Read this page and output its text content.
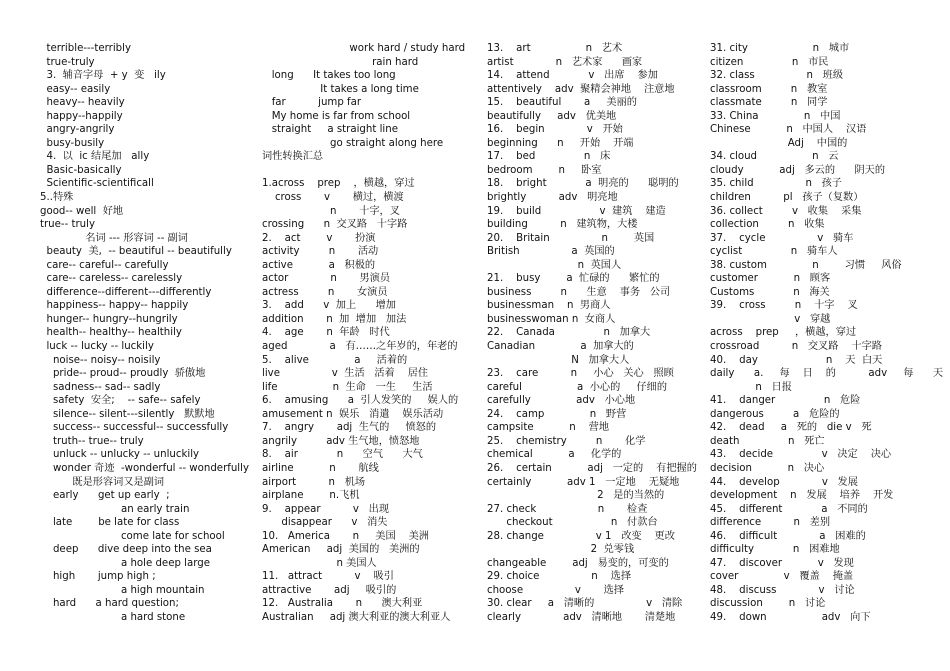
terrible---terribly
true-truly
3.  辅音字母  + y  变   ily
easy-- easily
heavy-- heavily
happy--happily
angry-angrily
busy-busily
4.  以  ic 结尾加   ally
Basic-basically
Scientific-scientificall
5..特殊
good-- well  好地
true-- truly
名词 --- 形容词 -- 副词
beauty  美,  -- beautiful -- beautifully
care-- careful-- carefully
care-- careless-- carelessly
difference--different---differently
happiness-- happy-- happily
hunger-- hungry--hungrily
health-- healthy-- healthily
luck -- lucky -- luckily
noise-- noisy-- noisily
pride-- proud-- proudly  骄傲地
sadness-- sad-- sadly
safety  安全;    -- safe-- safely
silence-- silent---silently   默默地
success-- successful-- successfully
truth-- true-- truly
unluck -- unlucky -- unluckily
wonder 奇迹  -wonderful -- wonderfully
既是形容词又是副词
early      get up early  ;
an early train
late        be late for class
come late for school
deep      dive deep into the sea
a hole deep large
high       jump high ;
a high mountain
hard      a hard question;
a hard stone
work hard / study hard
rain hard
long      It takes too long
It takes a long time
far          jump far
My home is far from school
straight     a straight line
go straight along here
词性转换汇总
1.across    prep    ，横越，穿过
cross       v       横过，横渡
n       十字，叉
crossing      n  交叉路   十字路
2.    act        v       扮演
activity         n       活动
active           a   积极的
actor             n       男演员
actress         n       女演员
3.    add      v  加上      增加
addition       n  加  增加   加法
4.    age       n  年龄   时代
aged             a   有……之年岁的，年老的
5.    alive              a     活着的
live                v  生活   活着    居住
life                 n  生命   一生     生活
6.    amusing      a  引人发笑的     娱人的
amusement n  娱乐   消遣    娱乐活动
7.    angry       adj  生气的     愤怒的
angrily         adv 生气地，愤怒地
8.    air            n      空气      大气
airline           n       航线
airport          n   机场
airplane        n.飞机
9.    appear          v   出现
disappear      v   消失
10.   America       n     美国    美洲
American     adj  美国的   美洲的
n 美国人
11.   attract          v    吸引
attractive       adj     吸引的
12.   Australia       n      澳大利亚
Australian     adj 澳大利亚的澳大利亚人
13.    art                 n   艺术
artist             n   艺术家      画家
14.    attend            v   出席    参加
attentively    adv  聚精会神地    注意地
15.    beautiful       a     美丽的
beautifully     adv   优美地
16.    begin             v   开始
beginning      n     开始    开端
17.    bed               n   床
bedroom        n     卧室
18.    bright            a  明亮的      聪明的
brightly          adv   明亮地
19.    build                  v  建筑    建造
building          n   建筑物，大楼
20.    Britain                n        英国
British                a  英国的
n  英国人
21.    busy        a  忙碌的      繁忙的
business         n      生意    事务   公司
businessman    n  男商人
businesswoman n  女商人
22.    Canada               n   加拿大
Canadian              a  加拿大的
N   加拿大人
23.    care          n     小心   关心   照顾
careful                 a  小心的     仔细的
carefully              adv   小心地
24.    camp              n   野营
campsite           n    营地
25.    chemistry         n       化学
chemical           a     化学的
26.    certain           adj   一定的    有把握的
certainly           adv 1   一定地    无疑地
2   是的当然的
27. check                   n       检查
checkout                  n   付款台
28. change                v 1   改变    更改
2  兑零钱
changeable        adj   易变的，可变的
29. choice                n    选择
choose                v       选择
30. clear     a   清晰的                v   清除
clearly             adv   清晰地       清楚地
31. city                    n   城市
citizen               n   市民
32. class                n   班级
classroom         n   教室
classmate         n   同学
33. China              n   中国
Chinese           n   中国人    汉语
Adj    中国的
34. cloud                 n   云
cloudy           adj   多云的      阴天的
35. child                n   孩子
children          pl   孩子（复数）
36. collect         v   收集    采集
collection         n   收集
37.    cycle                v   骑车
cyclist               n   骑车人
38. custom              n        习惯     风俗
customer           n   顾客
Customs            n   海关
39.    cross         n    十字    叉
v   穿越
across    prep     ，横越，穿过
crossroad          n   交叉路    十字路
40.    day                     n    天  白天
daily      a.     每    日    的          adv     每      天
n   日报
41.    danger               n   危险
dangerous         a   危险的
42.    dead     a   死的   die v   死
death               n   死亡
43.    decide               v   决定    决心
decision           n   决心
44.    develop             v   发展
development    n   发展    培养    开发
45.    different            a   不同的
difference          n   差别
46.    difficult             a   困难的
difficulty            n   困难地
47.    discover           v   发现
cover              v   覆盖    掩盖
48.    discuss             v   讨论
discussion        n   讨论
49.    down                 adv   向下
